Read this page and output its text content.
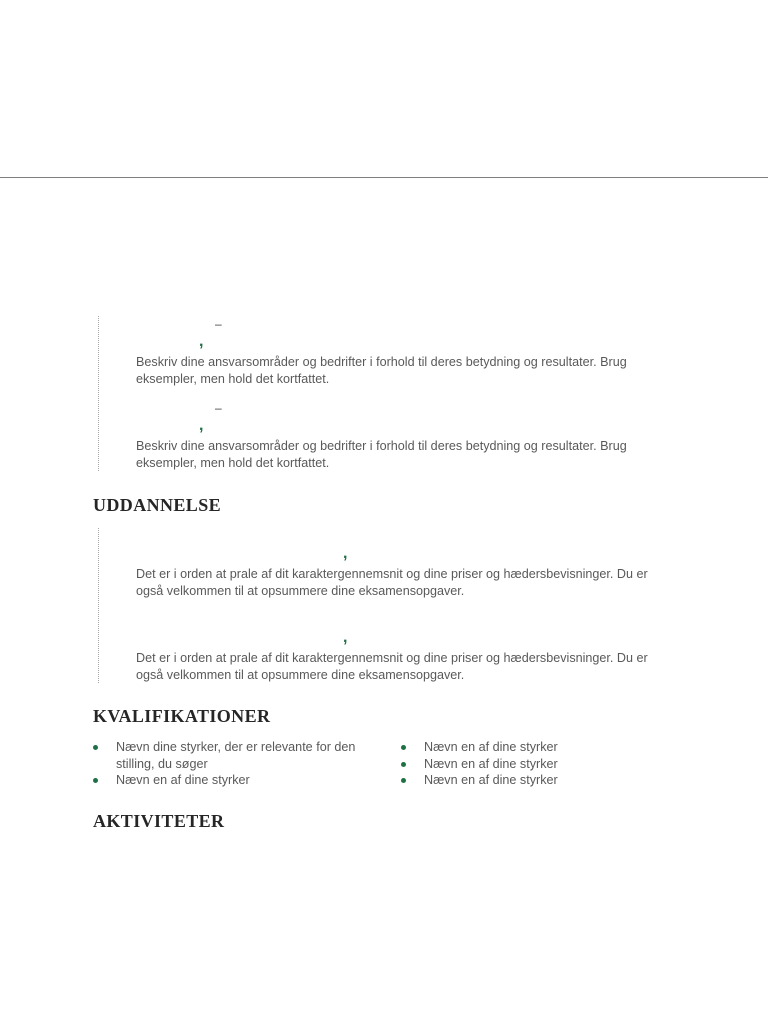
–
,

Beskriv dine ansvarsområder og bedrifter i forhold til deres betydning og resultater. Brug eksempler, men hold det kortfattet.

–
,

Beskriv dine ansvarsområder og bedrifter i forhold til deres betydning og resultater. Brug eksempler, men hold det kortfattet.

UDDANNELSE
,

Det er i orden at prale af dit karaktergennemsnit og dine priser og hædersbevisninger. Du er også velkommen til at opsummere dine eksamensopgaver.

,

Det er i orden at prale af dit karaktergennemsnit og dine priser og hædersbevisninger. Du er også velkommen til at opsummere dine eksamensopgaver.

KVALIFIKATIONER
Nævn dine styrker, der er relevante for den stilling, du søger
Nævn en af dine styrker
Nævn en af dine styrker
Nævn en af dine styrker
Nævn en af dine styrker
AKTIVITETER
